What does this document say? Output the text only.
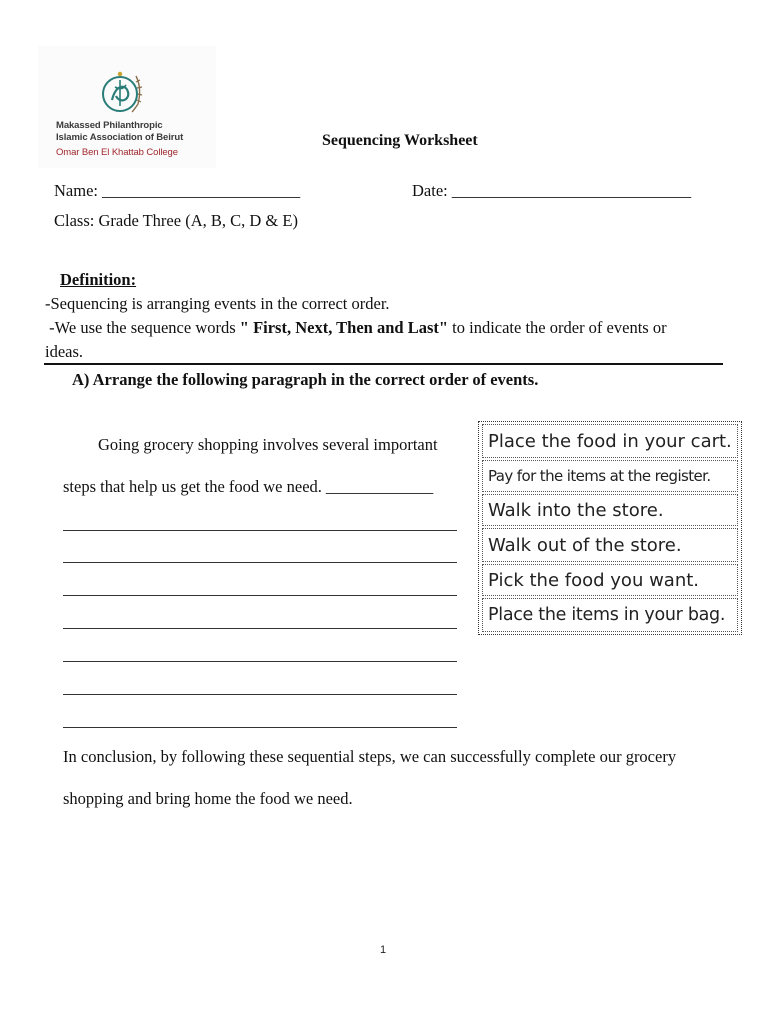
Makassed Philanthropic
Islamic Association of Beirut
Omar Ben El Khattab College
Sequencing Worksheet
Name: ________________________	Date: _____________________________
Class: Grade Three (A, B, C, D & E)
Definition:
-Sequencing is arranging events in the correct order.
-We use the sequence words " First, Next, Then and Last" to indicate the order of events or
ideas.
A) Arrange the following paragraph in the correct order of events.
Going grocery shopping involves several important
steps that help us get the food we need. _____________
In conclusion, by following these sequential steps, we can successfully complete our grocery
shopping and bring home the food we need.
Place the food in your cart.
Pay for the items at the register.
Walk into the store.
Walk out of the store.
Pick the food you want.
Place the items in your bag.
1
